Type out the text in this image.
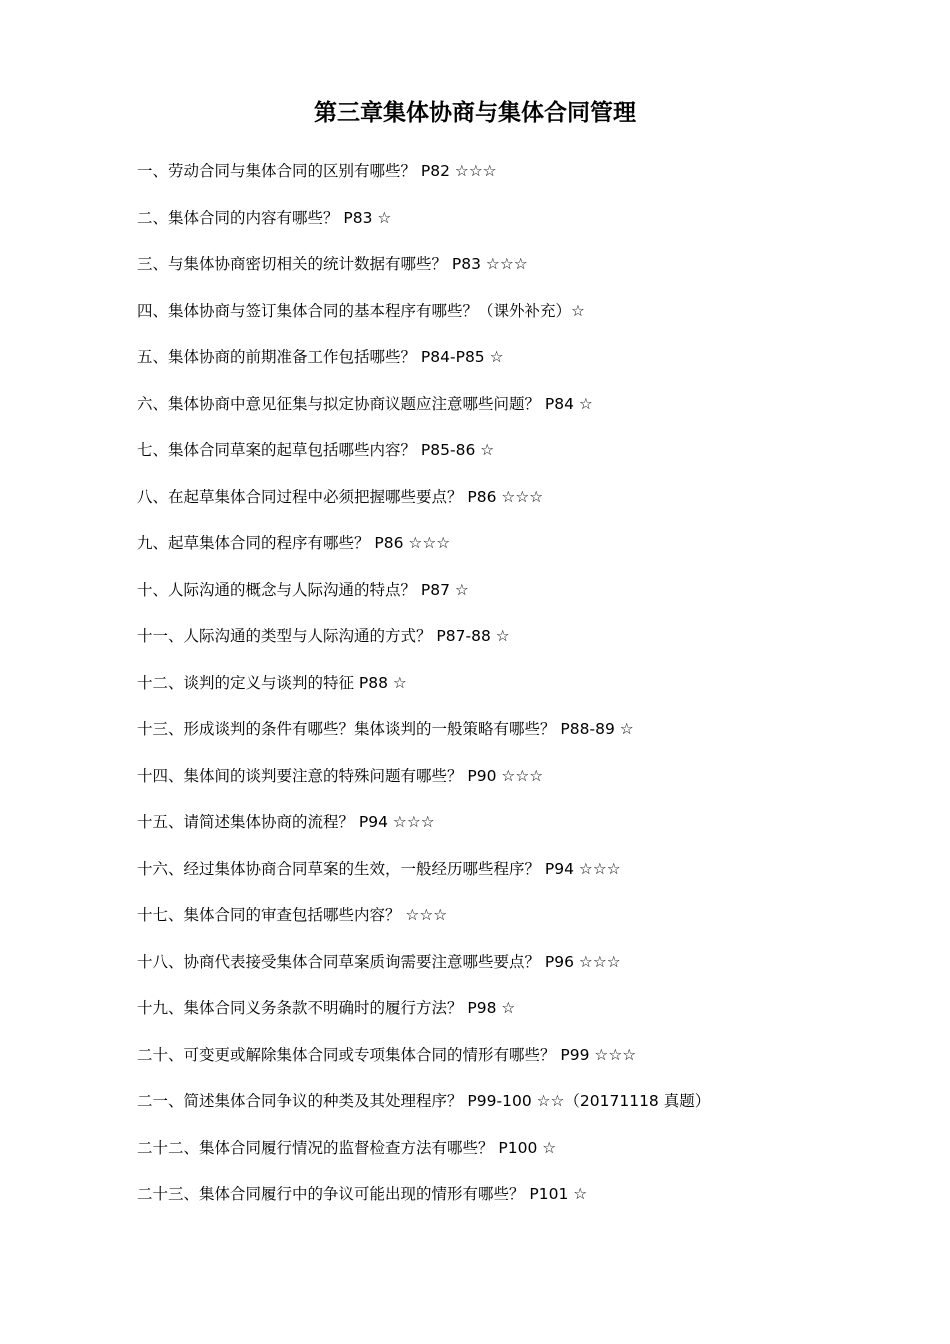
第三章集体协商与集体合同管理
一、劳动合同与集体合同的区别有哪些？ P82 ☆☆☆
二、集体合同的内容有哪些？ P83 ☆
三、与集体协商密切相关的统计数据有哪些？ P83 ☆☆☆
四、集体协商与签订集体合同的基本程序有哪些？（课外补充）☆
五、集体协商的前期准备工作包括哪些？ P84-P85 ☆
六、集体协商中意见征集与拟定协商议题应注意哪些问题？ P84 ☆
七、集体合同草案的起草包括哪些内容？ P85-86 ☆
八、在起草集体合同过程中必须把握哪些要点？ P86 ☆☆☆
九、起草集体合同的程序有哪些？ P86 ☆☆☆
十、人际沟通的概念与人际沟通的特点？ P87 ☆
十一、人际沟通的类型与人际沟通的方式？ P87-88 ☆
十二、谈判的定义与谈判的特征 P88 ☆
十三、形成谈判的条件有哪些？集体谈判的一般策略有哪些？ P88-89 ☆
十四、集体间的谈判要注意的特殊问题有哪些？ P90 ☆☆☆
十五、请简述集体协商的流程？ P94 ☆☆☆
十六、经过集体协商合同草案的生效，一般经历哪些程序？ P94 ☆☆☆
十七、集体合同的审查包括哪些内容？ ☆☆☆
十八、协商代表接受集体合同草案质询需要注意哪些要点？ P96 ☆☆☆
十九、集体合同义务条款不明确时的履行方法？ P98 ☆
二十、可变更或解除集体合同或专项集体合同的情形有哪些？ P99 ☆☆☆
二一、简述集体合同争议的种类及其处理程序？ P99-100 ☆☆（20171118 真题）
二十二、集体合同履行情况的监督检查方法有哪些？ P100 ☆
二十三、集体合同履行中的争议可能出现的情形有哪些？ P101 ☆
